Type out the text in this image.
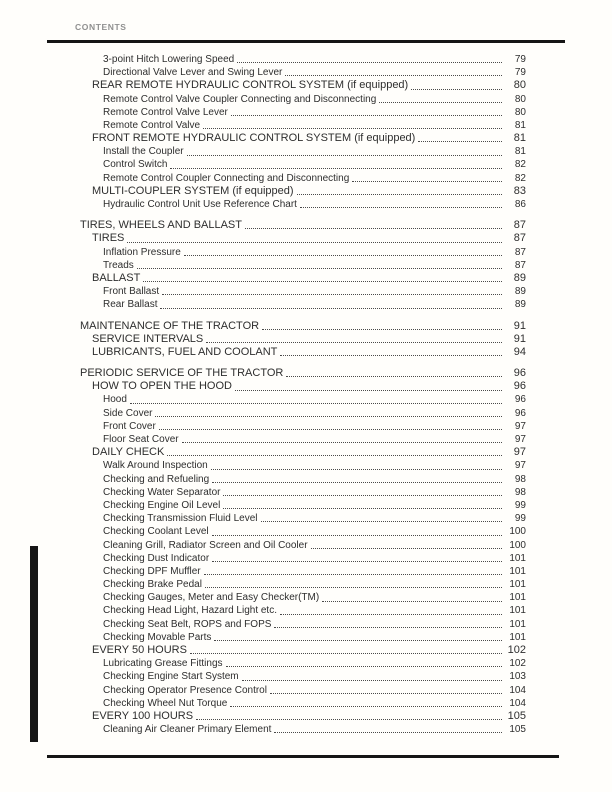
CONTENTS
3-point Hitch Lowering Speed	79
Directional Valve Lever and Swing Lever	79
REAR REMOTE HYDRAULIC CONTROL SYSTEM (if equipped)	80
Remote Control Valve Coupler Connecting and Disconnecting	80
Remote Control Valve Lever	80
Remote Control Valve	81
FRONT REMOTE HYDRAULIC CONTROL SYSTEM (if equipped)	81
Install the Coupler	81
Control Switch	82
Remote Control Coupler Connecting and Disconnecting	82
MULTI-COUPLER SYSTEM (if equipped)	83
Hydraulic Control Unit Use Reference Chart	86
TIRES, WHEELS AND BALLAST	87
TIRES	87
Inflation Pressure	87
Treads	87
BALLAST	89
Front Ballast	89
Rear Ballast	89
MAINTENANCE OF THE TRACTOR	91
SERVICE INTERVALS	91
LUBRICANTS, FUEL AND COOLANT	94
PERIODIC SERVICE OF THE TRACTOR	96
HOW TO OPEN THE HOOD	96
Hood	96
Side Cover	96
Front Cover	97
Floor Seat Cover	97
DAILY CHECK	97
Walk Around Inspection	97
Checking and Refueling	98
Checking Water Separator	98
Checking Engine Oil Level	99
Checking Transmission Fluid Level	99
Checking Coolant Level	100
Cleaning Grill, Radiator Screen and Oil Cooler	100
Checking Dust Indicator	101
Checking DPF Muffler	101
Checking Brake Pedal	101
Checking Gauges, Meter and Easy Checker(TM)	101
Checking Head Light, Hazard Light etc.	101
Checking Seat Belt, ROPS and FOPS	101
Checking Movable Parts	101
EVERY 50 HOURS	102
Lubricating Grease Fittings	102
Checking Engine Start System	103
Checking Operator Presence Control	104
Checking Wheel Nut Torque	104
EVERY 100 HOURS	105
Cleaning Air Cleaner Primary Element	105
